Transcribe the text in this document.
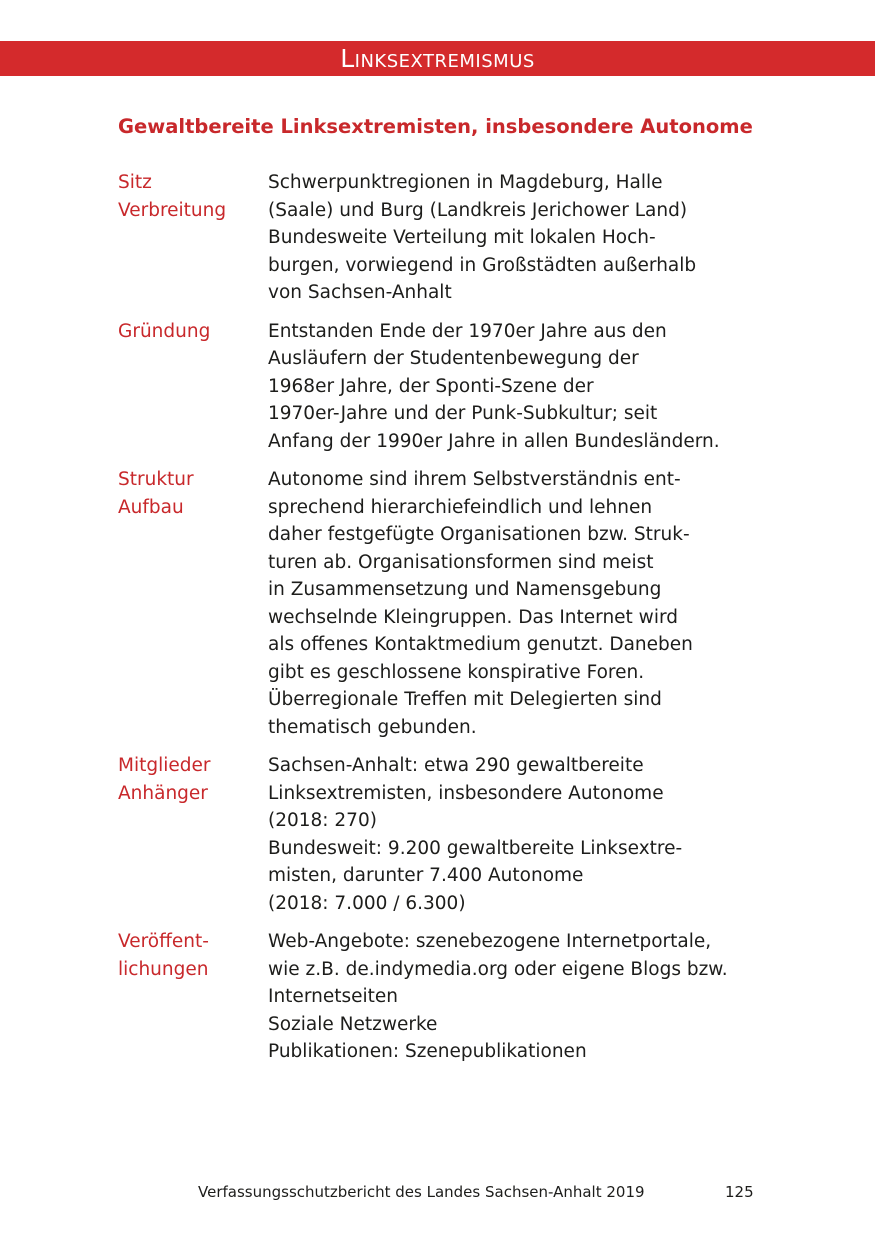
Linksextremismus
Gewaltbereite Linksextremisten, insbesondere Autonome
Sitz
Verbreitung
Schwerpunktregionen in Magdeburg, Halle
(Saale) und Burg (Landkreis Jerichower Land)
Bundesweite Verteilung mit lokalen Hoch-
burgen, vorwiegend in Großstädten außerhalb
von Sachsen-Anhalt
Gründung	Entstanden Ende der 1970er Jahre aus den
Ausläufern der Studentenbewegung der
1968er Jahre, der Sponti-Szene der
1970er-Jahre und der Punk-Subkultur; seit
Anfang der 1990er Jahre in allen Bundesländern.
Struktur
Aufbau
Autonome sind ihrem Selbstverständnis ent-
sprechend hierarchiefeindlich und lehnen
daher festgefügte Organisationen bzw. Struk-
turen ab. Organisationsformen sind meist
in Zusammensetzung und Namensgebung
wechselnde Kleingruppen. Das Internet wird
als offenes Kontaktmedium genutzt. Daneben
gibt es geschlossene konspirative Foren.
Überregionale Treffen mit Delegierten sind
thematisch gebunden.
Mitglieder
Anhänger
Sachsen-Anhalt: etwa 290 gewaltbereite
Linksextremisten, insbesondere Autonome
(2018: 270)
Bundesweit: 9.200 gewaltbereite Linksextre-
misten, darunter 7.400 Autonome
(2018: 7.000 / 6.300)
Veröffent-
lichungen
Web-Angebote: szenebezogene Internetportale,
wie z.B. de.indymedia.org oder eigene Blogs bzw.
Internetseiten
Soziale Netzwerke
Publikationen: Szenepublikationen
Verfassungsschutzbericht des Landes Sachsen-Anhalt 2019	125
